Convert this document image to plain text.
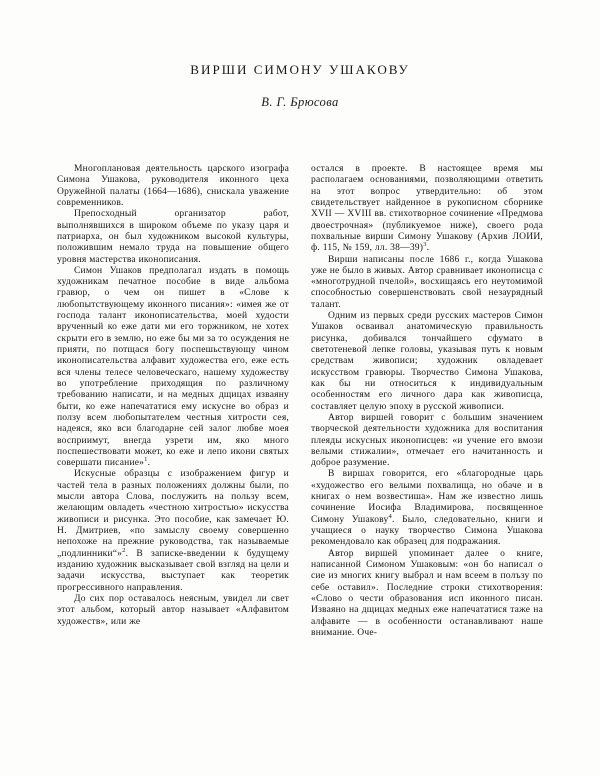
ВИРШИ СИМОНУ УШАКОВУ
В. Г. Брюсова

Многоплановая деятельность царского изографа Симона Ушакова, руководителя иконного цеха Оружейной палаты (1664—1686), снискала уважение современников.

Препосходный организатор работ, выполнявшихся в широком объеме по указу царя и патриарха, он был художником высокой культуры, положившим немало труда на повышение общего уровня мастерства иконописания.

Симон Ушаков предполагал издать в помощь художникам печатное пособие в виде альбома гравюр, о чем он пишет в «Слове к любопытствующему иконного писания»: «имея же от господа талант иконописательства, моей худости врученный ко еже дати ми его торжником, не хотех скрыти его в землю, но еже бы ми за то осуждения не прияти, по потщася богу поспешьствующу чином иконописательства алфавит художества его, еже есть вся члены телесе человеческаго, нашему художеству во употребление приходящия по различному требованию написати, и на медных дщицах изваяну быти, ко еже напечататися ему искусне во образ и ползу всем любопытателем честныя хитрости сея, надеяся, яко вси благодарне сей залог любве моея восприимут, внегда узрети им, яко много поспешествовати может, ко еже и лепо икони святых совершати писание»$^1$.

Искусные образцы с изображением фигур и частей тела в разных положениях должны были, по мысли автора Слова, послужить на пользу всем, желающим овладеть «честною хитростью» искусства живописи и рисунка. Это пособие, как замечает Ю. Н. Дмитриев, «по замыслу своему совершенно непохоже на прежние руководства, так называемые „подлинники“»$^2$. В записке-введении к будущему изданию художник высказывает свой взгляд на цели и задачи искусства, выступает как теоретик прогрессивного направления.

До сих пор оставалось неясным, увидел ли свет этот альбом, который автор называет «Алфавитом художеств», или же

остался в проекте. В настоящее время мы располагаем основаниями, позволяющими ответить на этот вопрос утвердительно: об этом свидетельствует найденное в рукописном сборнике XVII — XVIII вв. стихотворное сочинение «Предмова двоестрочная» (публикуемое ниже), своего рода похвальные вирши Симону Ушакову (Архив ЛОИИ, ф. 115, № 159, лл. 38—39)$^3$.

Вирши написаны после 1686 г., когда Ушакова уже не было в живых. Автор сравнивает иконописца с «многотрудной пчелой», восхищаясь его неутомимой способностью совершенствовать свой незаурядный талант.

Одним из первых среди русских мастеров Симон Ушаков осваивал анатомическую правильность рисунка, добивался тончайшего сфумато в светотеневой лепке головы, указывая путь к новым средствам живописи; художник овладевает искусством гравюры. Творчество Симона Ушакова, как бы ни относиться к индивидуальным особенностям его личного дара как живописца, составляет целую эпоху в русской живописи.

Автор виршей говорит с большим значением творческой деятельности художника для воспитания плеяды искусных иконописцев: «и учение его вмози велыми стижалии», отмечает его начитанность и доброе разумение.

В виршах говорится, его «благородные царь «художество его велыми похвалища, но обаче и в книгах о нем возвестиша». Нам же известно лишь сочинение Иосифа Владимирова, посвященное Симону Ушакову$^4$. Было, следовательно, книги и учащиеся о науку творчество Симона Ушакова рекомендовало как образец для подражания.

Автор виршей упоминает далее о книге, написанной Симоном Ушаковым: «он бо написал о сие из многих книгу выбрал и нам всеем в полъзу по себе оставил». Последние строки стихотворения: «Слово о чести образования исп иконного писан. Изваяно на дщицах медных еже напечататися таже на алфавите — в особенности останавливают наше внимание. Оче-
